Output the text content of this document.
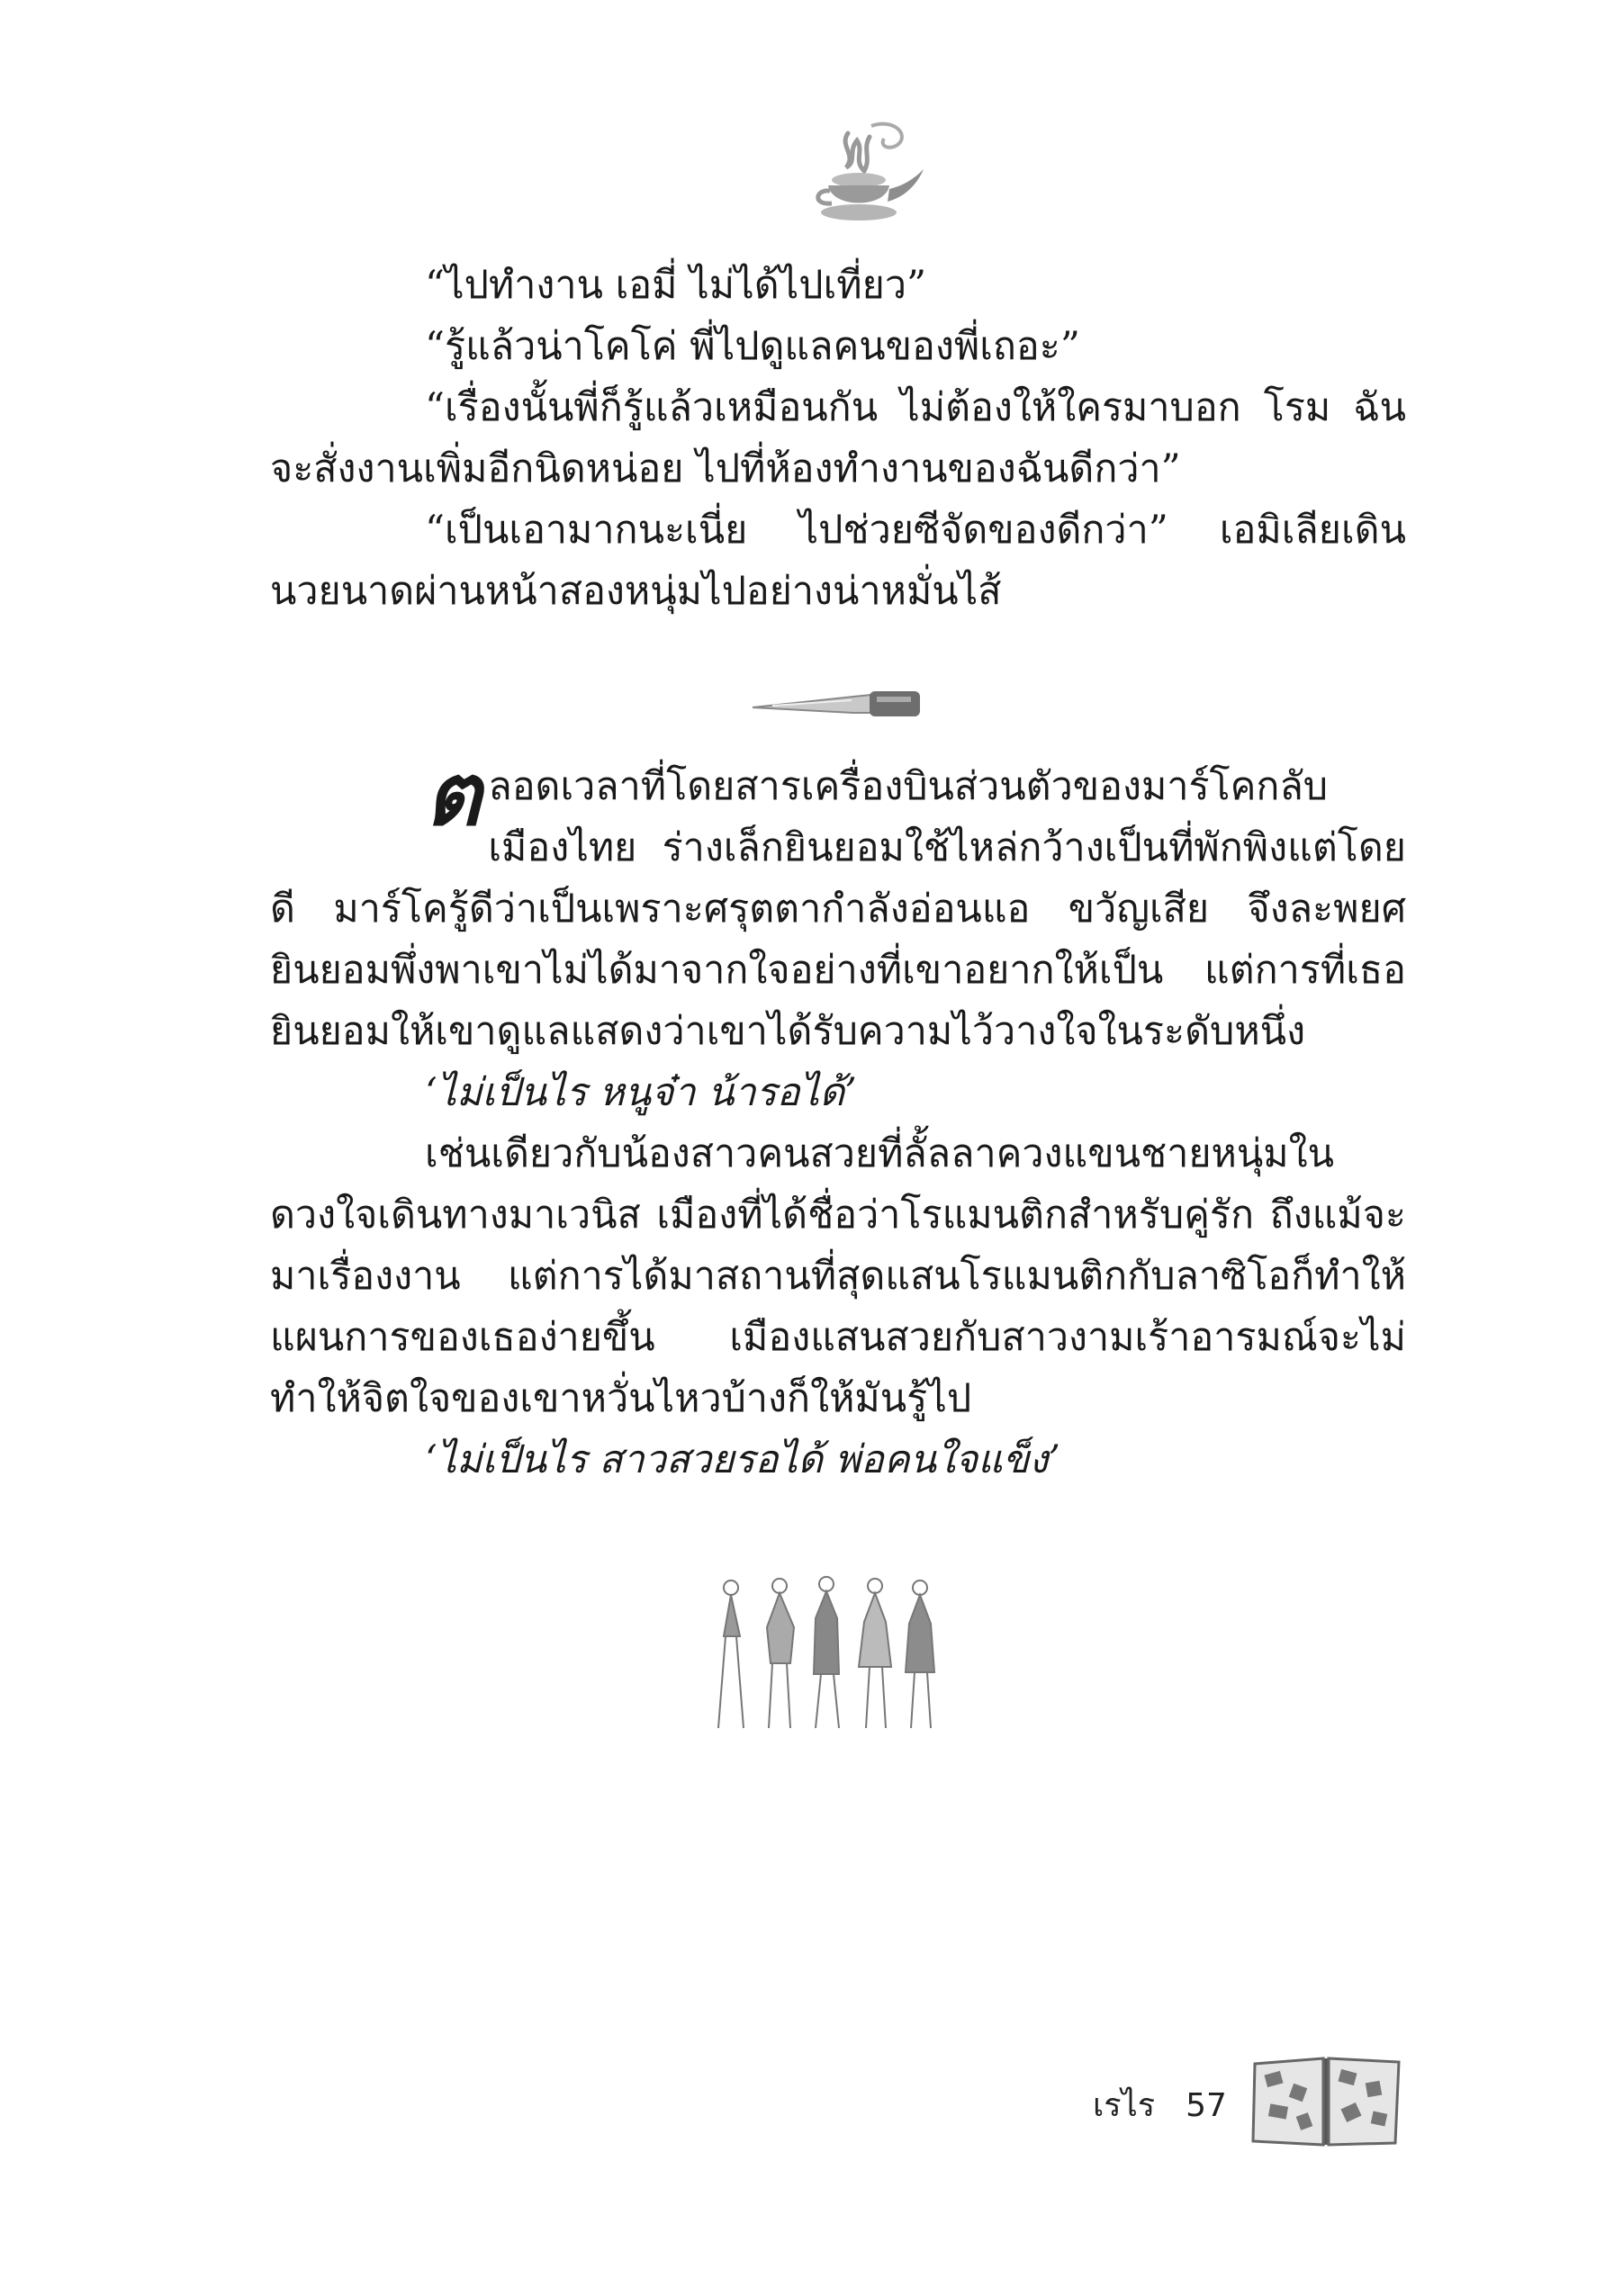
“ไปทำงาน เอมี่ ไม่ได้ไปเที่ยว”

“รู้แล้วน่าโคโค่ พี่ไปดูแลคนของพี่เถอะ”

“เรื่องนั้นพี่ก็รู้แล้วเหมือนกัน ไม่ต้องให้ใครมาบอก โรม ฉันจะสั่งงานเพิ่มอีกนิดหน่อย ไปที่ห้องทำงานของฉันดีกว่า”

“เป็นเอามากนะเนี่ย ไปช่วยซีจัดของดีกว่า” เอมิเลียเดินนวยนาดผ่านหน้าสองหนุ่มไปอย่างน่าหมั่นไส้

ตลอดเวลาที่โดยสารเครื่องบินส่วนตัวของมาร์โคกลับเมืองไทย ร่างเล็กยินยอมใช้ไหล่กว้างเป็นที่พักพิงแต่โดยดี มาร์โครู้ดีว่าเป็นเพราะศรุตตากำลังอ่อนแอ ขวัญเสีย จึงละพยศ ยินยอมพึ่งพาเขาไม่ได้มาจากใจอย่างที่เขาอยากให้เป็น แต่การที่เธอยินยอมให้เขาดูแลแสดงว่าเขาได้รับความไว้วางใจในระดับหนึ่ง

‘ไม่เป็นไร หนูจ๋า น้ารอได้’

เช่นเดียวกับน้องสาวคนสวยที่ลั้ลลาควงแขนชายหนุ่มในดวงใจเดินทางมาเวนิส เมืองที่ได้ชื่อว่าโรแมนติกสำหรับคู่รัก ถึงแม้จะมาเรื่องงาน แต่การได้มาสถานที่สุดแสนโรแมนติกกับลาซิโอก็ทำให้แผนการของเธอง่ายขึ้น เมืองแสนสวยกับสาวงามเร้าอารมณ์จะไม่ทำให้จิตใจของเขาหวั่นไหวบ้างก็ให้มันรู้ไป

‘ไม่เป็นไร สาวสวยรอได้ พ่อคนใจแข็ง’

เรไร 57
